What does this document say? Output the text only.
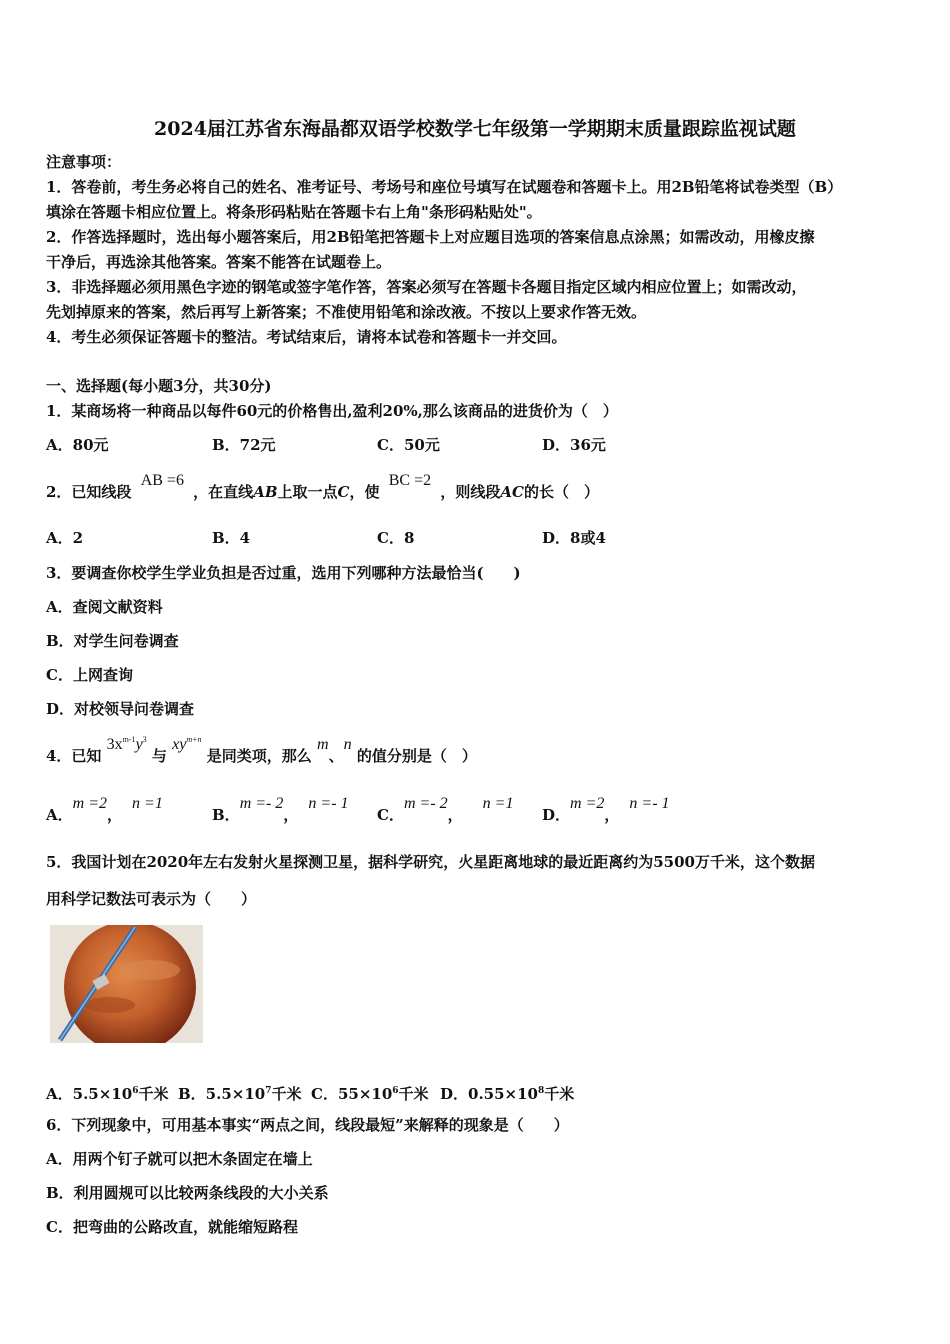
2024届江苏省东海晶都双语学校数学七年级第一学期期末质量跟踪监视试题
注意事项：
1．答卷前，考生务必将自己的姓名、准考证号、考场号和座位号填写在试题卷和答题卡上。用2B铅笔将试卷类型（B）
填涂在答题卡相应位置上。将条形码粘贴在答题卡右上角"条形码粘贴处"。
2．作答选择题时，选出每小题答案后，用2B铅笔把答题卡上对应题目选项的答案信息点涂黑；如需改动，用橡皮擦
干净后，再选涂其他答案。答案不能答在试题卷上。
3．非选择题必须用黑色字迹的钢笔或签字笔作答，答案必须写在答题卡各题目指定区域内相应位置上；如需改动，
先划掉原来的答案，然后再写上新答案；不准使用铅笔和涂改液。不按以上要求作答无效。
4．考生必须保证答题卡的整洁。考试结束后，请将本试卷和答题卡一并交回。
一、选择题(每小题3分，共30分)
1．某商场将一种商品以每件60元的价格售出,盈利20%,那么该商品的进货价为（　）
A．80元	B．72元	C．50元	D．36元
2．已知线段 AB =6 ，在直线AB上取一点C，使 BC =2 ，则线段AC的长（　）
A．2	B．4	C．8	D．8或4
3．要调查你校学生学业负担是否过重，选用下列哪种方法最恰当(　　)
A．查阅文献资料
B．对学生问卷调查
C．上网查询
D．对校领导问卷调查
4．已知 $3x^{m-1}y^3$ 与 $xy^{m+n}$ 是同类项，那么 m、n 的值分别是（　）
A．m =2，n =1
B．m =- 2，n =- 1
C．m =- 2，n =1
D．m =2，n =- 1
5．我国计划在2020年左右发射火星探测卫星，据科学研究，火星距离地球的最近距离约为5500万千米，这个数据
用科学记数法可表示为（　　）
A．$5.5\times 10^6$千米 B．$5.5\times 10^7$千米 C．$55\times 10^6$千米 D．$0.55\times 10^8$千米
6．下列现象中，可用基本事实“两点之间，线段最短”来解释的现象是（　　）
A．用两个钉子就可以把木条固定在墙上
B．利用圆规可以比较两条线段的大小关系
C．把弯曲的公路改直，就能缩短路程
